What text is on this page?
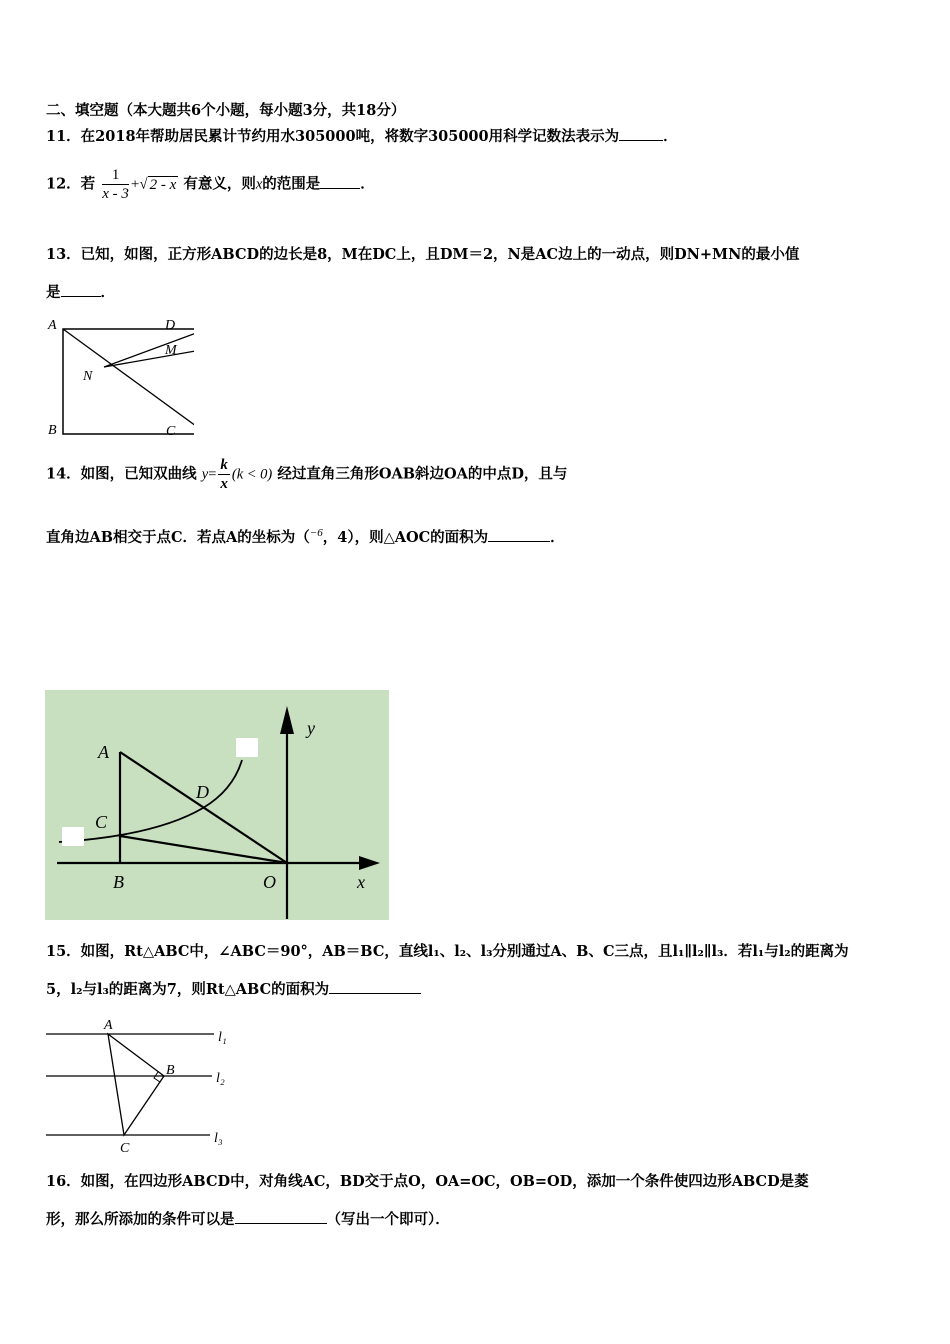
二、填空题（本大题共6个小题，每小题3分，共18分）
11．在2018年帮助居民累计节约用水305000吨，将数字305000用科学记数法表示为	．
12．若 $\frac{1}{x - 3}$ +√ 2 - x 有意义，则x的范围是	．
13．已知，如图，正方形ABCD的边长是8，M在DC上，且DM＝2，N是AC边上的一动点，则DN+MN的最小值
是	．
A
B	C
D
M
N
14．如图，已知双曲线 $y= \frac{k}{x} (k < 0)$ 经过直角三角形OAB斜边OA的中点D，且与
直角边AB相交于点C．若点A的坐标为（$^{-6}$，4），则△AOC的面积为	．
A
C
D
B	O	x
y
15．如图，Rt△ABC中，∠ABC＝90°，AB＝BC，直线l₁、l₂、l₃分别通过A、B、C三点，且l₁∥l₂∥l₃．若l₁与l₂的距离为
5，l₂与l₃的距离为7，则Rt△ABC的面积为
A
B
C
l₁
l₂
l₃
16．如图，在四边形ABCD中，对角线AC，BD交于点O，OA=OC，OB=OD，添加一个条件使四边形ABCD是菱
形，那么所添加的条件可以是	（写出一个即可）．
